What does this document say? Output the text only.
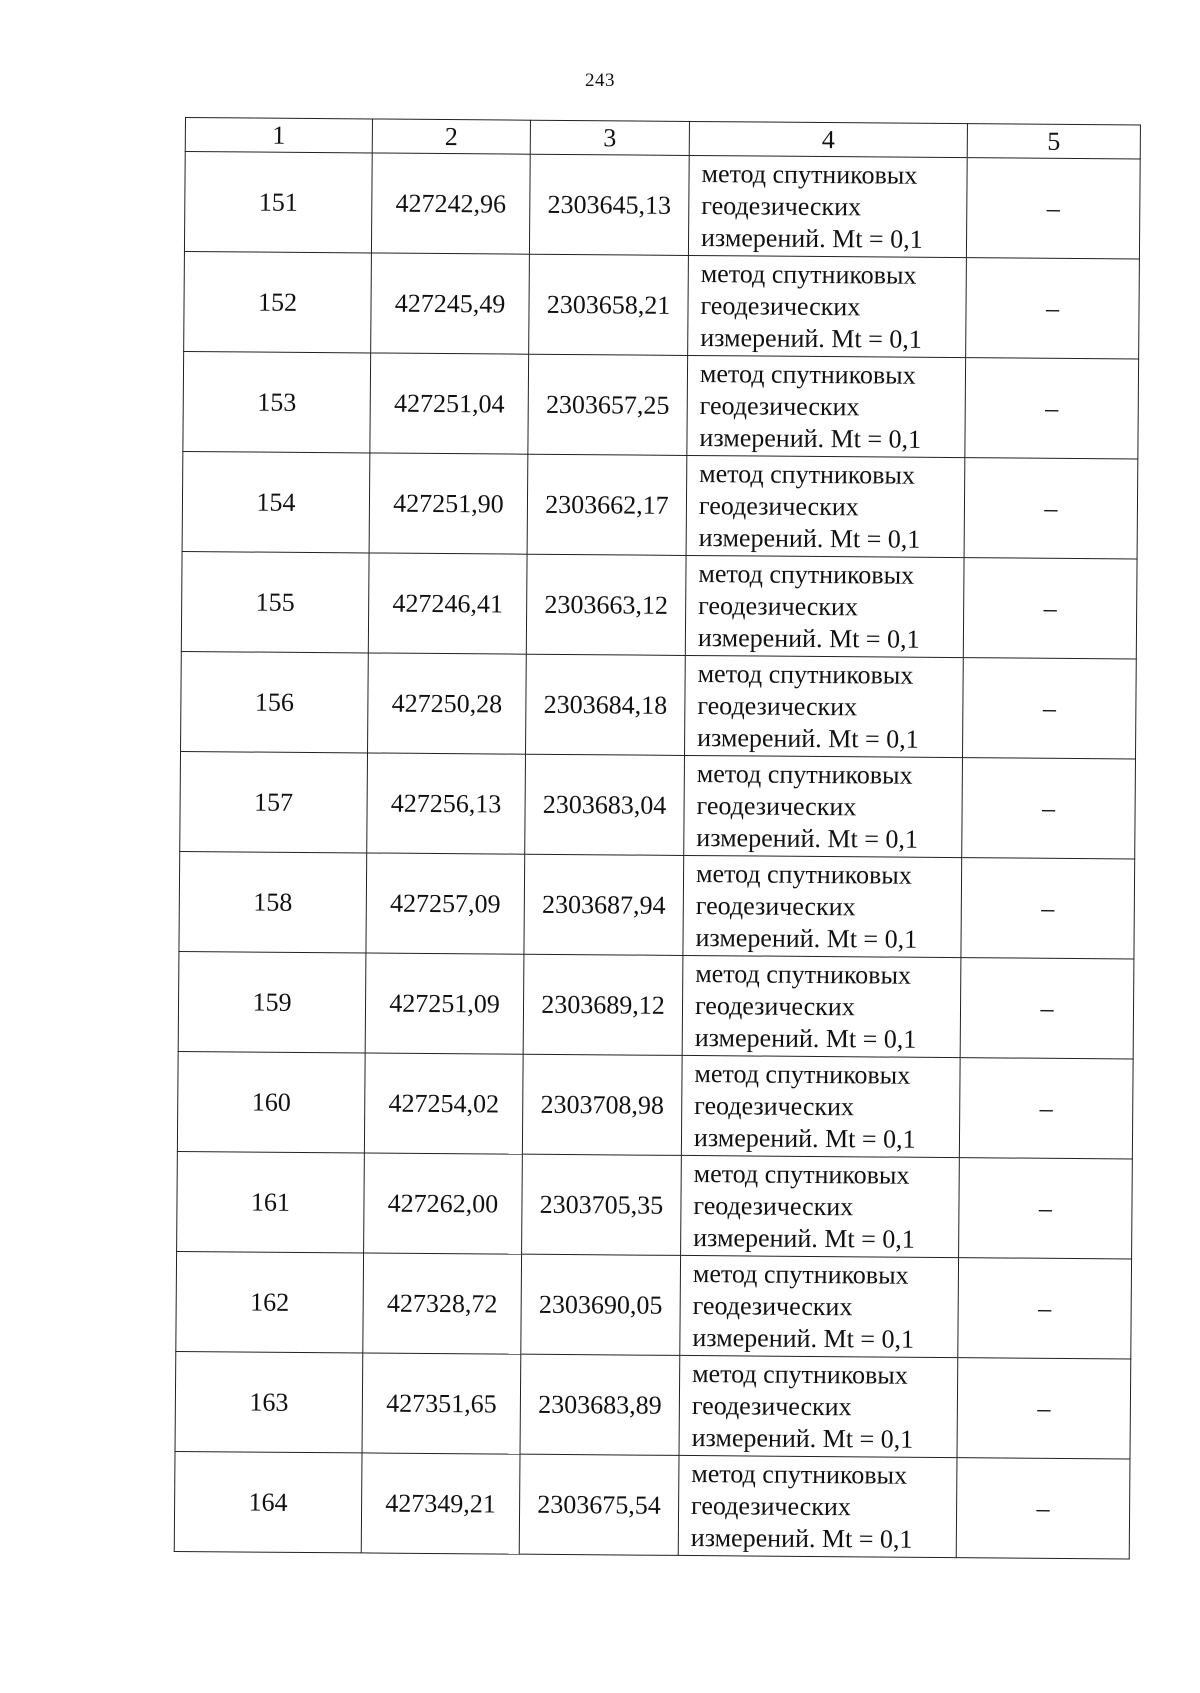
243
1	2	3	4	5
151	427242,96	2303645,13	метод спутниковых
геодезических
измерений. Mt = 0,1	–
152	427245,49	2303658,21	метод спутниковых
геодезических
измерений. Mt = 0,1	–
153	427251,04	2303657,25	метод спутниковых
геодезических
измерений. Mt = 0,1	–
154	427251,90	2303662,17	метод спутниковых
геодезических
измерений. Mt = 0,1	–
155	427246,41	2303663,12	метод спутниковых
геодезических
измерений. Mt = 0,1	–
156	427250,28	2303684,18	метод спутниковых
геодезических
измерений. Mt = 0,1	–
157	427256,13	2303683,04	метод спутниковых
геодезических
измерений. Mt = 0,1	–
158	427257,09	2303687,94	метод спутниковых
геодезических
измерений. Mt = 0,1	–
159	427251,09	2303689,12	метод спутниковых
геодезических
измерений. Mt = 0,1	–
160	427254,02	2303708,98	метод спутниковых
геодезических
измерений. Mt = 0,1	–
161	427262,00	2303705,35	метод спутниковых
геодезических
измерений. Mt = 0,1	–
162	427328,72	2303690,05	метод спутниковых
геодезических
измерений. Mt = 0,1	–
163	427351,65	2303683,89	метод спутниковых
геодезических
измерений. Mt = 0,1	–
164	427349,21	2303675,54	метод спутниковых
геодезических
измерений. Mt = 0,1	–
